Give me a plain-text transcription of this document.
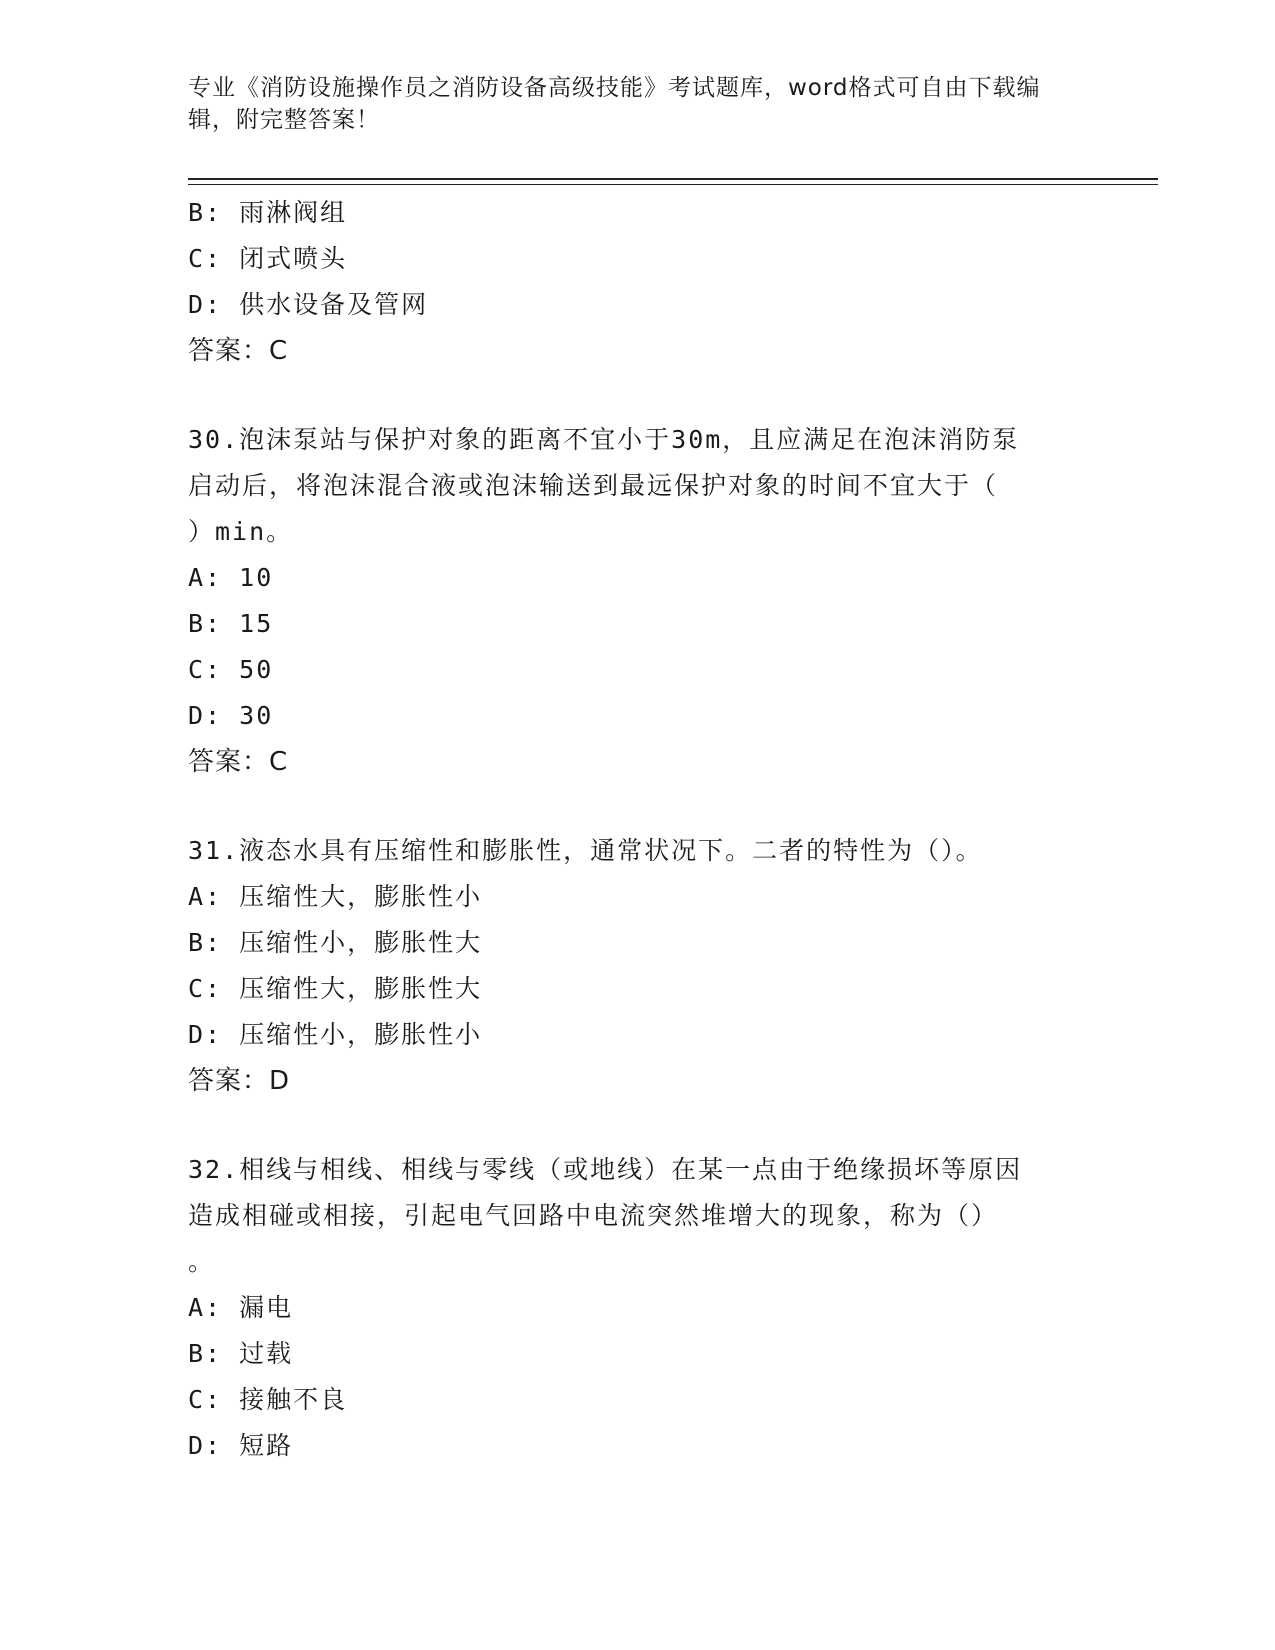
专业《消防设施操作员之消防设备高级技能》考试题库，word格式可自由下载编
辑，附完整答案！
B: 雨淋阀组
C: 闭式喷头
D: 供水设备及管网
答案：C
30.泡沫泵站与保护对象的距离不宜小于30m，且应满足在泡沫消防泵
启动后，将泡沫混合液或泡沫输送到最远保护对象的时间不宜大于（
）min。
A: 10
B: 15
C: 50
D: 30
答案：C
31.液态水具有压缩性和膨胀性，通常状况下。二者的特性为（）。
A: 压缩性大，膨胀性小
B: 压缩性小，膨胀性大
C: 压缩性大，膨胀性大
D: 压缩性小，膨胀性小
答案：D
32.相线与相线、相线与零线（或地线）在某一点由于绝缘损坏等原因
造成相碰或相接，引起电气回路中电流突然堆增大的现象，称为（）
。
A: 漏电
B: 过载
C: 接触不良
D: 短路
